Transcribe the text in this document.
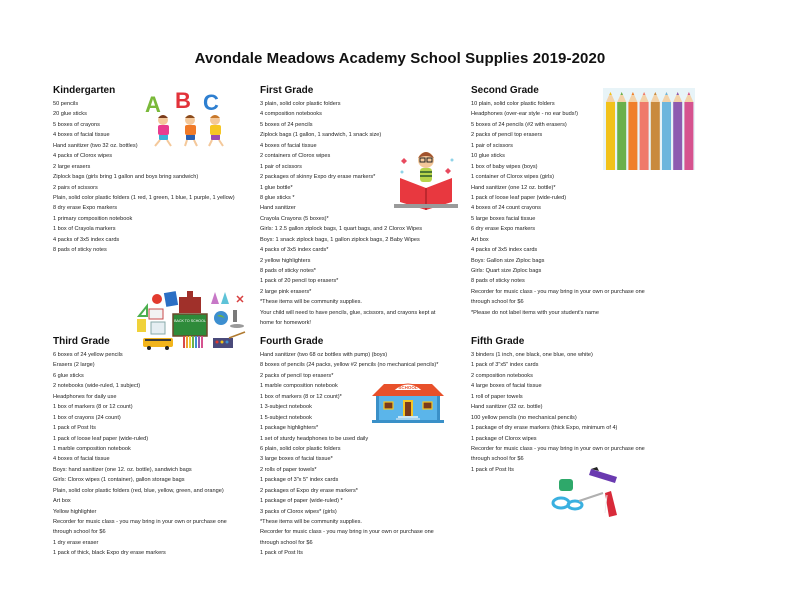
Avondale Meadows Academy School Supplies 2019-2020
Kindergarten
50 pencils
20 glue sticks
5 boxes of crayons
4 boxes of facial tissue
Hand sanitizer (two 32 oz. bottles)
4 packs of Clorox wipes
2 large erasers
Ziplock bags (girls bring 1 gallon and boys bring sandwich)
2 pairs of scissors
Plain, solid color plastic folders (1 red, 1 green, 1 blue, 1 purple, 1 yellow)
8 dry erase Expo markers
1 primary composition notebook
1 box of Crayola markers
4 packs of 3x5 index cards
8 pads of sticky notes
First Grade
3 plain, solid color plastic folders
4 composition notebooks
5 boxes of 24 pencils
Ziplock bags (1 gallon, 1 sandwich, 1 snack size)
4 boxes of facial tissue
2 containers of Clorox wipes
1 pair of scissors
2 packages of skinny Expo dry erase markers*
1 glue bottle*
8 glue sticks *
Hand sanitizer
Crayola Crayons (5 boxes)*
Girls: 1 2.5 gallon ziplock bags, 1 quart bags, and 2 Clorox Wipes
Boys: 1 snack ziplock bags, 1 gallon ziplock bags, 2 Baby Wipes
4 packs of 3x5 index cards*
2 yellow highlighters
8 pads of sticky notes*
1 pack of 20 pencil top erasers*
2 large pink erasers*
*These items will be community supplies.
Your child will need to have pencils, glue, scissors, and crayons kept at
home for homework!
Second Grade
10 plain, solid color plastic folders
Headphones (over-ear style - no ear buds!)
5 boxes of 24 pencils (#2 with erasers)
2 packs of pencil top erasers
1 pair of scissors
10 glue sticks
1 box of baby wipes (boys)
1 container of Clorox wipes (girls)
Hand sanitizer (one 12 oz. bottle)*
1 pack of loose leaf paper (wide-ruled)
4 boxes of 24 count crayons
5 large boxes facial tissue
6 dry erase Expo markers
Art box
4 packs of 3x5 index cards
Boys: Gallon size Ziploc bags
Girls: Quart size Ziploc bags
8 pads of sticky notes
Recorder for music class - you may bring in your own or purchase one
through school for $6
*Please do not label items with your student's name
Third Grade
6 boxes of 24 yellow pencils
Erasers (2 large)
6 glue sticks
2 notebooks (wide-ruled, 1 subject)
Headphones for daily use
1 box of markers (8 or 12 count)
1 box of crayons (24 count)
1 pack of Post Its
1 pack of loose leaf paper (wide-ruled)
1 marble composition notebook
4 boxes of facial tissue
Boys: hand sanitizer (one 12. oz. bottle), sandwich bags
Girls: Clorox wipes (1 container), gallon storage bags
Plain, solid color plastic folders (red, blue, yellow, green, and orange)
Art box
Yellow highlighter
Recorder for music class - you may bring in your own or purchase one
through school for $6
1 dry erase eraser
1 pack of thick, black Expo dry erase markers
Fourth Grade
Hand sanitizer (two 68 oz bottles with pump) (boys)
8 boxes of pencils (24 packs, yellow #2 pencils (no mechanical pencils)*
2 packs of pencil top erasers*
1 marble composition notebook
1 box of markers (8 or 12 count)*
1 3-subject notebook
1 5-subject notebook
1 package highlighters*
1 set of sturdy headphones to be used daily
6 plain, solid color plastic folders
3 large boxes of facial tissue*
2 rolls of paper towels*
1 package of 3"x 5" index cards
2 packages of Expo dry erase markers*
1 package of paper (wide-ruled) *
3 packs of Clorox wipes* (girls)
*These items will be community supplies.
Recorder for music class - you may bring in your own or purchase one
through school for $6
1 pack of Post Its
Fifth Grade
3 binders (1 inch, one black, one blue, one white)
1 pack of 3"x5" index cards
2 composition notebooks
4 large boxes of facial tissue
1 roll of paper towels
Hand sanitizer (32 oz. bottle)
100 yellow pencils (no mechanical pencils)
1 package of dry erase markers (thick Expo, minimum of 4)
1 package of Clorox wipes
Recorder for music class - you may bring in your own or purchase one
through school for $6
1 pack of Post Its
A B C
BACK TO SCHOOL
SCHOOL
